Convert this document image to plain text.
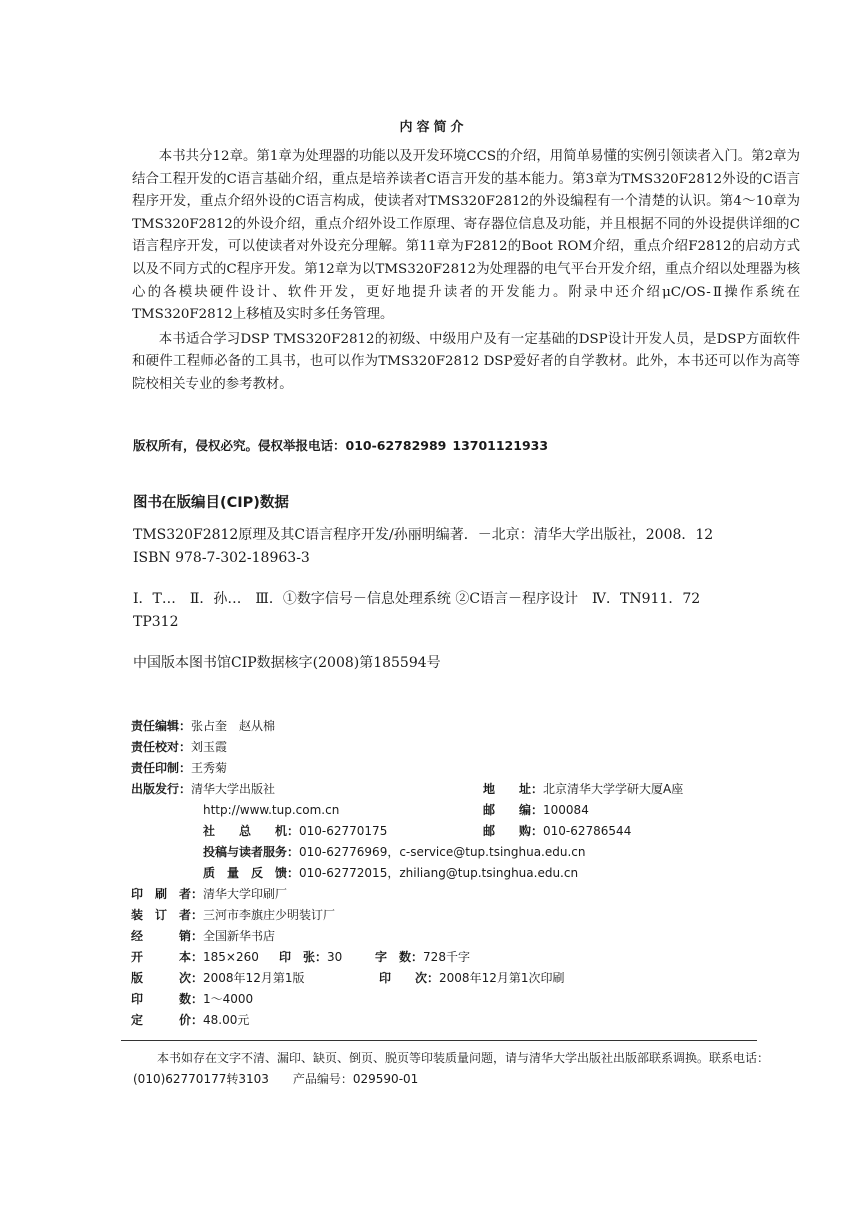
内容简介

本书共分12章。第1章为处理器的功能以及开发环境CCS的介绍，用简单易懂的实例引领读者入门。第2章为结合工程开发的C语言基础介绍，重点是培养读者C语言开发的基本能力。第3章为TMS320F2812外设的C语言程序开发，重点介绍外设的C语言构成，使读者对TMS320F2812的外设编程有一个清楚的认识。第4～10章为TMS320F2812的外设介绍，重点介绍外设工作原理、寄存器位信息及功能，并且根据不同的外设提供详细的C语言程序开发，可以使读者对外设充分理解。第11章为F2812的Boot ROM介绍，重点介绍F2812的启动方式以及不同方式的C程序开发。第12章为以TMS320F2812为处理器的电气平台开发介绍，重点介绍以处理器为核心的各模块硬件设计、软件开发，更好地提升读者的开发能力。附录中还介绍μC/OS-Ⅱ操作系统在TMS320F2812上移植及实时多任务管理。

本书适合学习DSP TMS320F2812的初级、中级用户及有一定基础的DSP设计开发人员，是DSP方面软件和硬件工程师必备的工具书，也可以作为TMS320F2812 DSP爱好者的自学教材。此外，本书还可以作为高等院校相关专业的参考教材。

版权所有，侵权必究。侵权举报电话：010-62782989 13701121933
图书在版编目(CIP)数据
TMS320F2812原理及其C语言程序开发/孙丽明编著．－北京：清华大学出版社，2008．12
ISBN 978-7-302-18963-3
Ⅰ．T…　Ⅱ．孙…　Ⅲ．①数字信号－信息处理系统 ②C语言－程序设计　Ⅳ．TN911．72
TP312
中国版本图书馆CIP数据核字(2008)第185594号
责任编辑：张占奎　赵从棉
责任校对：刘玉霞
责任印制：王秀菊
出版发行：清华大学出版社	地　　址：北京清华大学学研大厦A座
http://www.tup.com.cn	邮　　编：100084
社　　总　　机：010-62770175	邮　　购：010-62786544
投稿与读者服务：010-62776969，c-service@tup.tsinghua.edu.cn
质　量　反　馈：010-62772015，zhiliang@tup.tsinghua.edu.cn
印　刷　者：清华大学印刷厂
装　订　者：三河市李旗庄少明装订厂
经　　　销：全国新华书店
开　　　本：185×260 印　张：30	字　数：728千字
版　　　次：2008年12月第1版	印　　次：2008年12月第1次印刷
印　　　数：1～4000
定　　　价：48.00元
本书如存在文字不清、漏印、缺页、倒页、脱页等印装质量问题，请与清华大学出版社出版部联系调换。联系电话：(010)62770177转3103　　产品编号：029590-01
